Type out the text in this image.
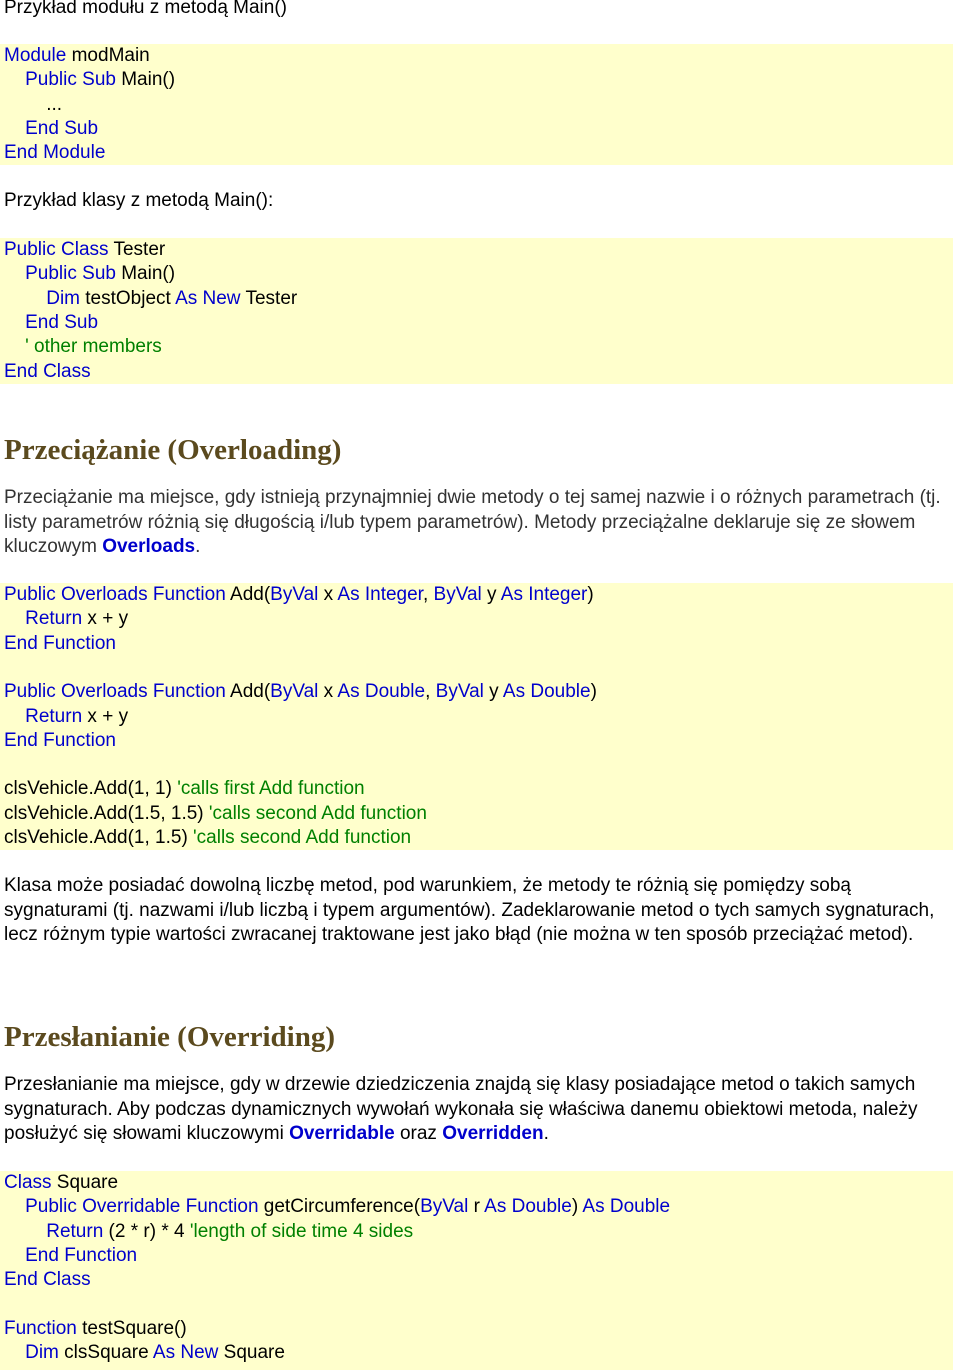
Przykład modułu z metodą Main()
Module modMain
Public Sub Main()
...
End Sub
End Module
Przykład klasy z metodą Main():
Public Class Tester
Public Sub Main()
Dim testObject As New Tester
End Sub
' other members
End Class
Przeciążanie (Overloading)
Przeciążanie ma miejsce, gdy istnieją przynajmniej dwie metody o tej samej nazwie i o różnych parametrach (tj. listy parametrów różnią się długością i/lub typem parametrów). Metody przeciążalne deklaruje się ze słowem kluczowym Overloads.
Public Overloads Function Add(ByVal x As Integer, ByVal y As Integer)
Return x + y
End Function
Public Overloads Function Add(ByVal x As Double, ByVal y As Double)
Return x + y
End Function
clsVehicle.Add(1, 1) 'calls first Add function
clsVehicle.Add(1.5, 1.5) 'calls second Add function
clsVehicle.Add(1, 1.5) 'calls second Add function
Klasa może posiadać dowolną liczbę metod, pod warunkiem, że metody te różnią się pomiędzy sobą sygnaturami (tj. nazwami i/lub liczbą i typem argumentów). Zadeklarowanie metod o tych samych sygnaturach, lecz różnym typie wartości zwracanej traktowane jest jako błąd (nie można w ten sposób przeciążać metod).
Przesłanianie (Overriding)
Przesłanianie ma miejsce, gdy w drzewie dziedziczenia znajdą się klasy posiadające metod o takich samych sygnaturach. Aby podczas dynamicznych wywołań wykonała się właściwa danemu obiektowi metoda, należy posłużyć się słowami kluczowymi Overridable oraz Overridden.
Class Square
Public Overridable Function getCircumference(ByVal r As Double) As Double
Return (2 * r) * 4 'length of side time 4 sides
End Function
End Class
Function testSquare()
Dim clsSquare As New Square
